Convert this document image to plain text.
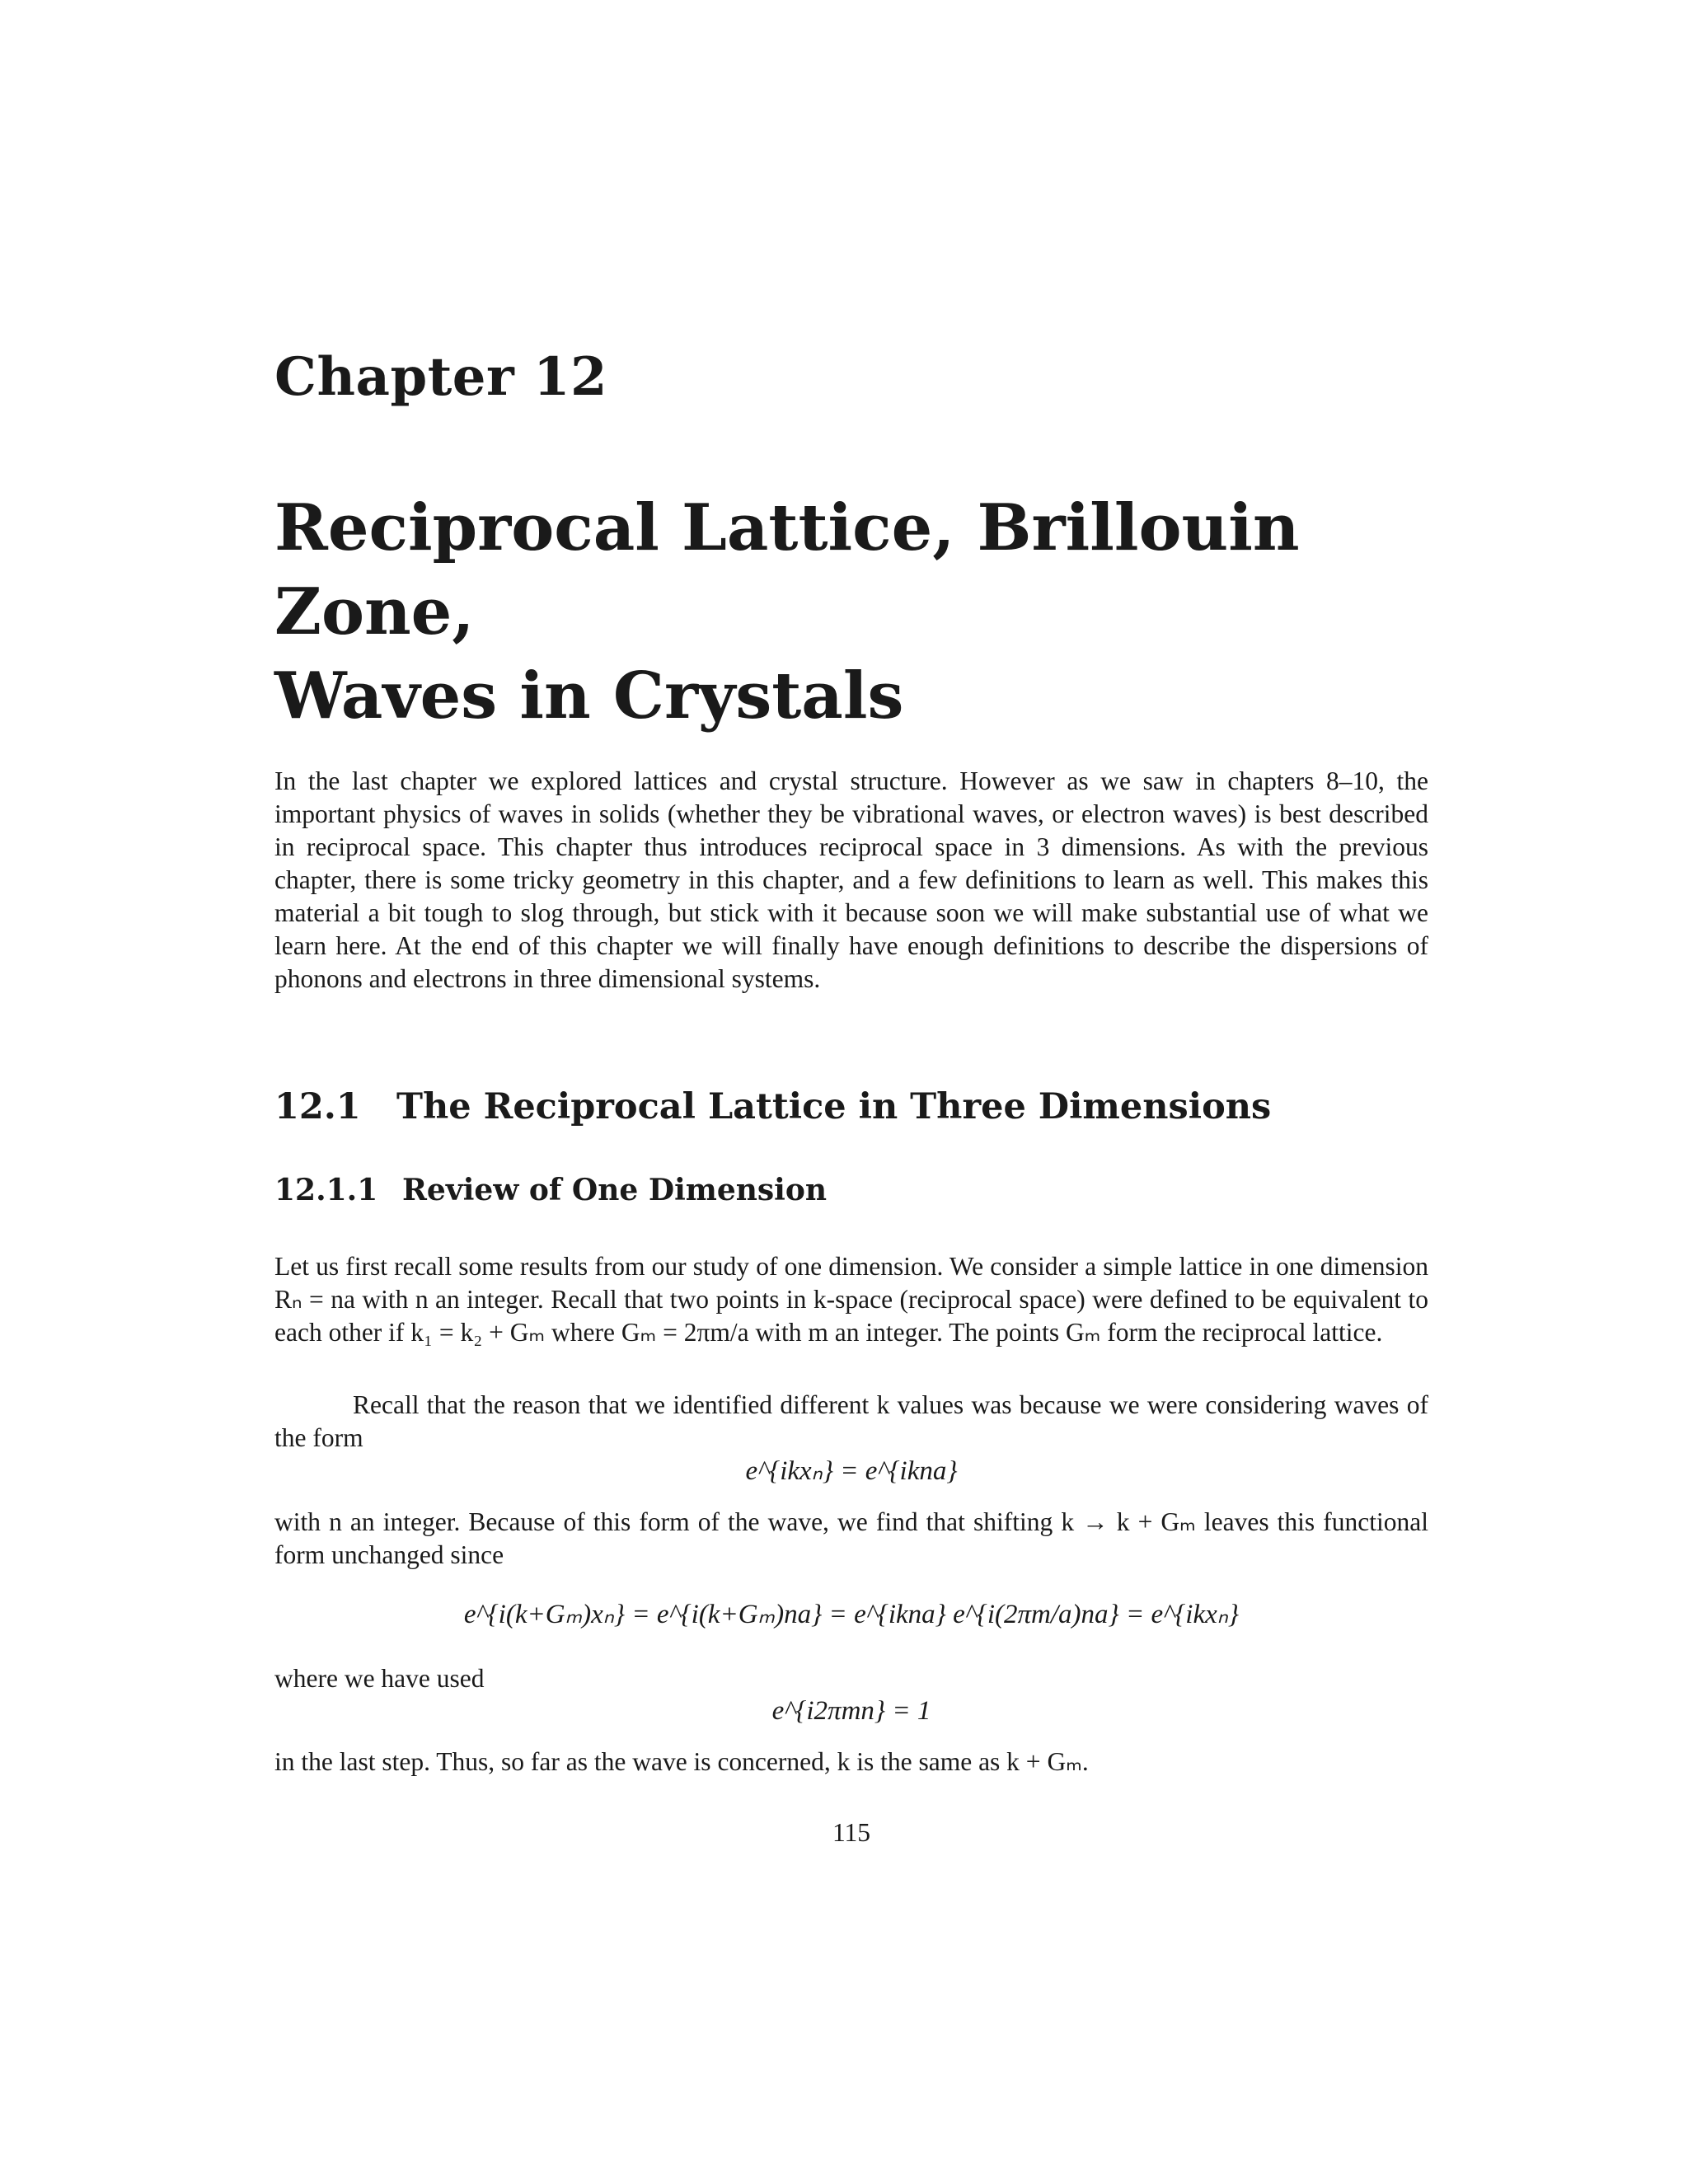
Chapter 12
Reciprocal Lattice, Brillouin Zone,
Waves in Crystals

In the last chapter we explored lattices and crystal structure. However as we saw in chapters 8–10, the important physics of waves in solids (whether they be vibrational waves, or electron waves) is best described in reciprocal space. This chapter thus introduces reciprocal space in 3 dimensions. As with the previous chapter, there is some tricky geometry in this chapter, and a few definitions to learn as well. This makes this material a bit tough to slog through, but stick with it because soon we will make substantial use of what we learn here. At the end of this chapter we will finally have enough definitions to describe the dispersions of phonons and electrons in three dimensional systems.

12.1 The Reciprocal Lattice in Three Dimensions
12.1.1 Review of One Dimension

Let us first recall some results from our study of one dimension. We consider a simple lattice in one dimension Rₙ = na with n an integer. Recall that two points in k-space (reciprocal space) were defined to be equivalent to each other if k₁ = k₂ + Gₘ where Gₘ = 2πm/a with m an integer. The points Gₘ form the reciprocal lattice.

Recall that the reason that we identified different k values was because we were considering waves of the form

e^{ikxₙ} = e^{ikna}

with n an integer. Because of this form of the wave, we find that shifting k → k + Gₘ leaves this functional form unchanged since

e^{i(k+Gₘ)xₙ} = e^{i(k+Gₘ)na} = e^{ikna} e^{i(2πm/a)na} = e^{ikxₙ}

where we have used

e^{i2πmn} = 1

in the last step. Thus, so far as the wave is concerned, k is the same as k + Gₘ.

115
